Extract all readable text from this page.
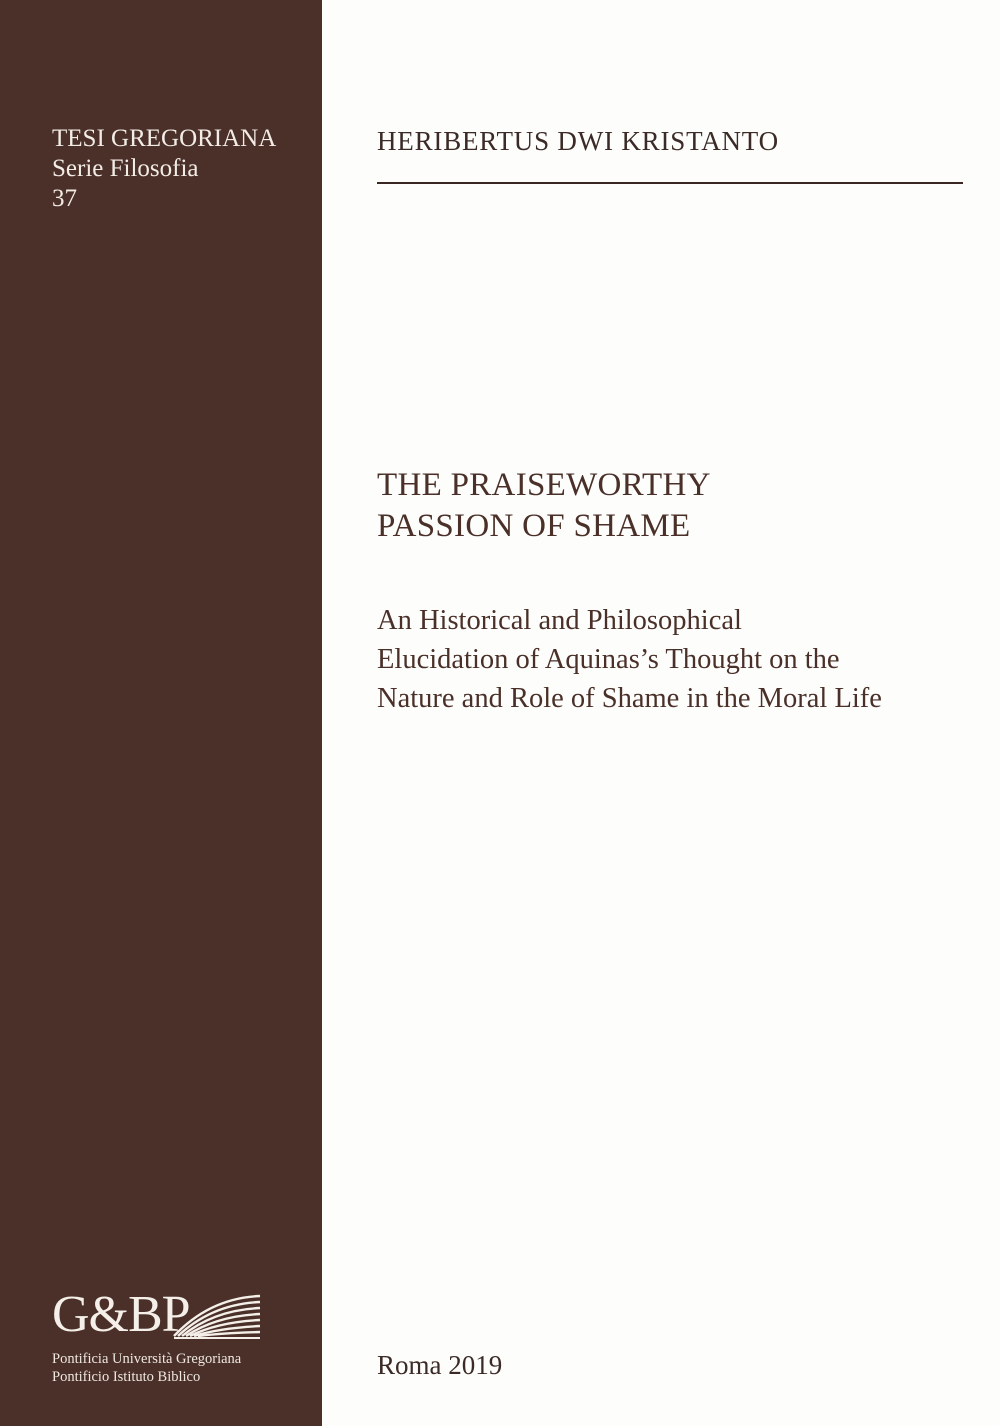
TESI GREGORIANA
Serie Filosofia
37
G&BP
Pontificia Università Gregoriana
Pontificio Istituto Biblico
HERIBERTUS DWI KRISTANTO
THE PRAISEWORTHY
PASSION OF SHAME
An Historical and Philosophical
Elucidation of Aquinas’s Thought on the
Nature and Role of Shame in the Moral Life
Roma 2019
